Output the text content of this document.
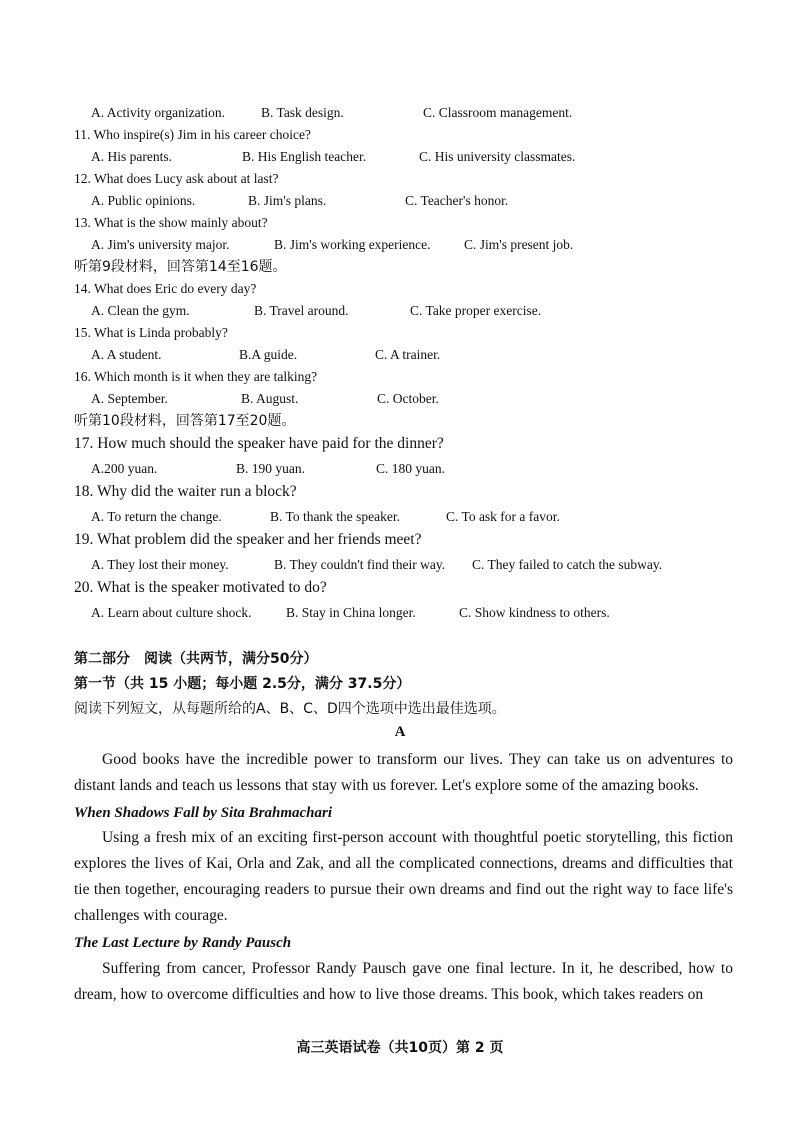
A. Activity organization.	B. Task design.	C. Classroom management.
11. Who inspire(s) Jim in his career choice?
A. His parents.	B. His English teacher.	C. His university classmates.
12. What does Lucy ask about at last?
A. Public opinions.	B. Jim's plans.	C. Teacher's honor.
13. What is the show mainly about?
A. Jim's university major.	B. Jim's working experience. C. Jim's present job.
听第9段材料，回答第14至16题。
14. What does Eric do every day?
A. Clean the gym.	B. Travel around.	C. Take proper exercise.
15. What is Linda probably?
A. A student.	B.A guide.	C. A trainer.
16. Which month is it when they are talking?
A. September.	B. August.	C. October.
听第10段材料，回答第17至20题。
17. How much should the speaker have paid for the dinner?
A.200 yuan.	B. 190 yuan.	C. 180 yuan.
18. Why did the waiter run a block?
A. To return the change.	B. To thank the speaker.	C. To ask for a favor.
19. What problem did the speaker and her friends meet?
A. They lost their money.	B. They couldn't find their way. C. They failed to catch the subway.
20. What is the speaker motivated to do?
A. Learn about culture shock.	B. Stay in China longer.	C. Show kindness to others.
第二部分　阅读（共两节，满分50分）
第一节（共 15 小题；每小题 2.5分，满分 37.5分）
阅读下列短文，从每题所给的A、B、C、D四个选项中选出最佳选项。
A

Good books have the incredible power to transform our lives. They can take us on adventures to distant lands and teach us lessons that stay with us forever. Let's explore some of the amazing books.

When Shadows Fall by Sita Brahmachari

Using a fresh mix of an exciting first-person account with thoughtful poetic storytelling, this fiction explores the lives of Kai, Orla and Zak, and all the complicated connections, dreams and difficulties that tie then together, encouraging readers to pursue their own dreams and find out the right way to face life's challenges with courage.

The Last Lecture by Randy Pausch

Suffering from cancer, Professor Randy Pausch gave one final lecture. In it, he described, how to dream, how to overcome difficulties and how to live those dreams. This book, which takes readers on

高三英语试卷（共10页）第 2 页
